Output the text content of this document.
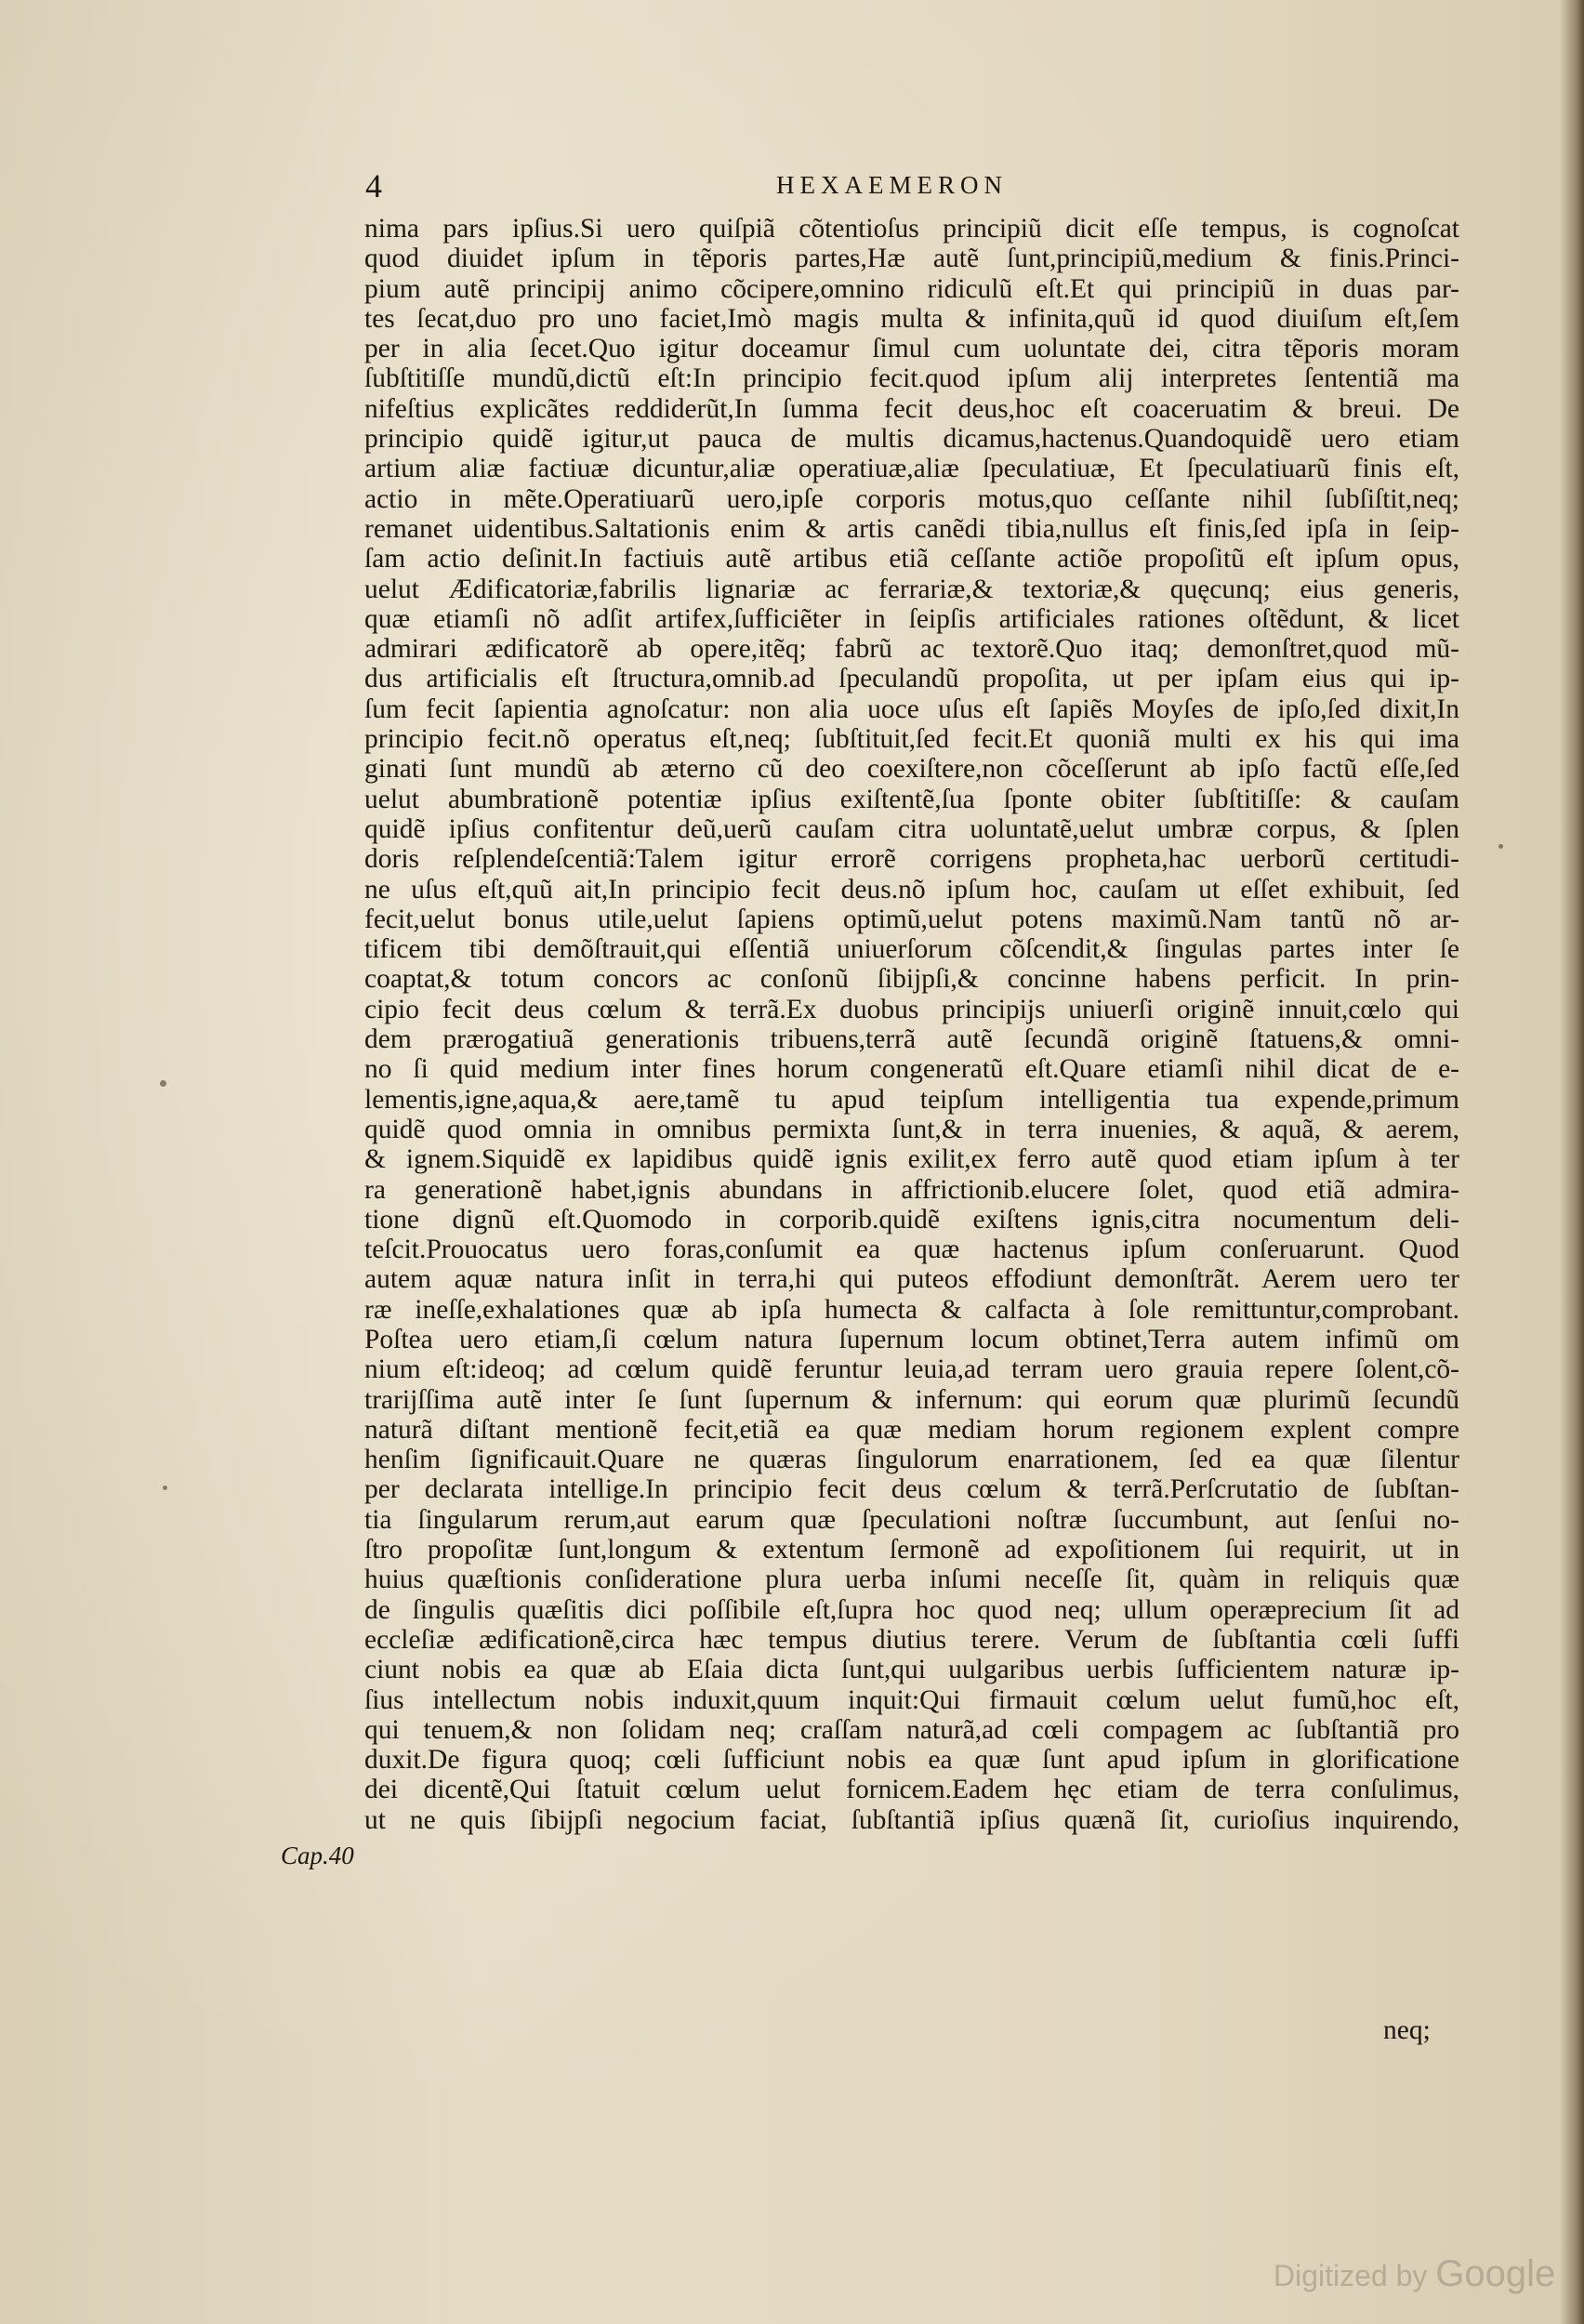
4	HEXAEMERON
nima pars ipſius.Si uero quiſpiã cõtentioſus principiũ dicit eſſe tempus, is cognoſcat
quod diuidet ipſum in tẽporis partes,Hæ autẽ ſunt,principiũ,medium & finis.Princi-
pium autẽ principij animo cõcipere,omnino ridiculũ eſt.Et qui principiũ in duas par-
tes ſecat,duo pro uno faciet,Imò magis multa & infinita,quũ id quod diuiſum eſt,ſem
per in alia ſecet.Quo igitur doceamur ſimul cum uoluntate dei, citra tẽporis moram
ſubſtitiſſe mundũ,dictũ eſt:In principio fecit.quod ipſum alij interpretes ſententiã ma
nifeſtius explicãtes reddiderũt,In ſumma fecit deus,hoc eſt coaceruatim & breui. De
principio quidẽ igitur,ut pauca de multis dicamus,hactenus.Quandoquidẽ uero etiam
artium aliæ factiuæ dicuntur,aliæ operatiuæ,aliæ ſpeculatiuæ, Et ſpeculatiuarũ finis eſt,
actio in mẽte.Operatiuarũ uero,ipſe corporis motus,quo ceſſante nihil ſubſiſtit,neq;
remanet uidentibus.Saltationis enim & artis canẽdi tibia,nullus eſt finis,ſed ipſa in ſeip-
ſam actio deſinit.In factiuis autẽ artibus etiã ceſſante actiõe propoſitũ eſt ipſum opus,
uelut Ædificatoriæ,fabrilis lignariæ ac ferrariæ,& textoriæ,& quęcunq; eius generis,
quæ etiamſi nõ adſit artifex,ſufficiẽter in ſeipſis artificiales rationes oſtẽdunt, & licet
admirari ædificatorẽ ab opere,itẽq; fabrũ ac textorẽ.Quo itaq; demonſtret,quod mũ-
dus artificialis eſt ſtructura,omnib.ad ſpeculandũ propoſita, ut per ipſam eius qui ip-
ſum fecit ſapientia agnoſcatur: non alia uoce uſus eſt ſapiẽs Moyſes de ipſo,ſed dixit,In
principio fecit.nõ operatus eſt,neq; ſubſtituit,ſed fecit.Et quoniã multi ex his qui ima
ginati ſunt mundũ ab æterno cũ deo coexiſtere,non cõceſſerunt ab ipſo factũ eſſe,ſed
uelut abumbrationẽ potentiæ ipſius exiſtentẽ,ſua ſponte obiter ſubſtitiſſe: & cauſam
quidẽ ipſius confitentur deũ,uerũ cauſam citra uoluntatẽ,uelut umbræ corpus, & ſplen
doris reſplendeſcentiã:Talem igitur errorẽ corrigens propheta,hac uerborũ certitudi-
ne uſus eſt,quũ ait,In principio fecit deus.nõ ipſum hoc, cauſam ut eſſet exhibuit, ſed
fecit,uelut bonus utile,uelut ſapiens optimũ,uelut potens maximũ.Nam tantũ nõ ar-
tificem tibi demõſtrauit,qui eſſentiã uniuerſorum cõſcendit,& ſingulas partes inter ſe
coaptat,& totum concors ac conſonũ ſibijpſi,& concinne habens perficit. In prin-
cipio fecit deus cœlum & terrã.Ex duobus principijs uniuerſi originẽ innuit,cœlo qui
dem prærogatiuã generationis tribuens,terrã autẽ ſecundã originẽ ſtatuens,& omni-
no ſi quid medium inter fines horum congeneratũ eſt.Quare etiamſi nihil dicat de e-
lementis,igne,aqua,& aere,tamẽ tu apud teipſum intelligentia tua expende,primum
quidẽ quod omnia in omnibus permixta ſunt,& in terra inuenies, & aquã, & aerem,
& ignem.Siquidẽ ex lapidibus quidẽ ignis exilit,ex ferro autẽ quod etiam ipſum à ter
ra generationẽ habet,ignis abundans in affrictionib.elucere ſolet, quod etiã admira-
tione dignũ eſt.Quomodo in corporib.quidẽ exiſtens ignis,citra nocumentum deli-
teſcit.Prouocatus uero foras,conſumit ea quæ hactenus ipſum conſeruarunt. Quod
autem aquæ natura inſit in terra,hi qui puteos effodiunt demonſtrãt. Aerem uero ter
ræ ineſſe,exhalationes quæ ab ipſa humecta & calfacta à ſole remittuntur,comprobant.
Poſtea uero etiam,ſi cœlum natura ſupernum locum obtinet,Terra autem infimũ om
nium eſt:ideoq; ad cœlum quidẽ feruntur leuia,ad terram uero grauia repere ſolent,cõ-
trarijſſima autẽ inter ſe ſunt ſupernum & infernum: qui eorum quæ plurimũ ſecundũ
naturã diſtant mentionẽ fecit,etiã ea quæ mediam horum regionem explent compre
henſim ſignificauit.Quare ne quæras ſingulorum enarrationem, ſed ea quæ ſilentur
per declarata intellige.In principio fecit deus cœlum & terrã.Perſcrutatio de ſubſtan-
tia ſingularum rerum,aut earum quæ ſpeculationi noſtræ ſuccumbunt, aut ſenſui no-
ſtro propoſitæ ſunt,longum & extentum ſermonẽ ad expoſitionem ſui requirit, ut in
huius quæſtionis conſideratione plura uerba inſumi neceſſe ſit, quàm in reliquis quæ
de ſingulis quæſitis dici poſſibile eſt,ſupra hoc quod neq; ullum operæprecium ſit ad
eccleſiæ ædificationẽ,circa hæc tempus diutius terere. Verum de ſubſtantia cœli ſuffi
ciunt nobis ea quæ ab Eſaia dicta ſunt,qui uulgaribus uerbis ſufficientem naturæ ip-
ſius intellectum nobis induxit,quum inquit:Qui firmauit cœlum uelut fumũ,hoc eſt,
qui tenuem,& non ſolidam neq; craſſam naturã,ad cœli compagem ac ſubſtantiã pro
duxit.De figura quoq; cœli ſufficiunt nobis ea quæ ſunt apud ipſum in glorificatione
dei dicentẽ,Qui ſtatuit cœlum uelut fornicem.Eadem hęc etiam de terra conſulimus,
ut ne quis ſibijpſi negocium faciat, ſubſtantiã ipſius quænã ſit, curioſius inquirendo,
Cap.40
neq;
Digitized by Google
